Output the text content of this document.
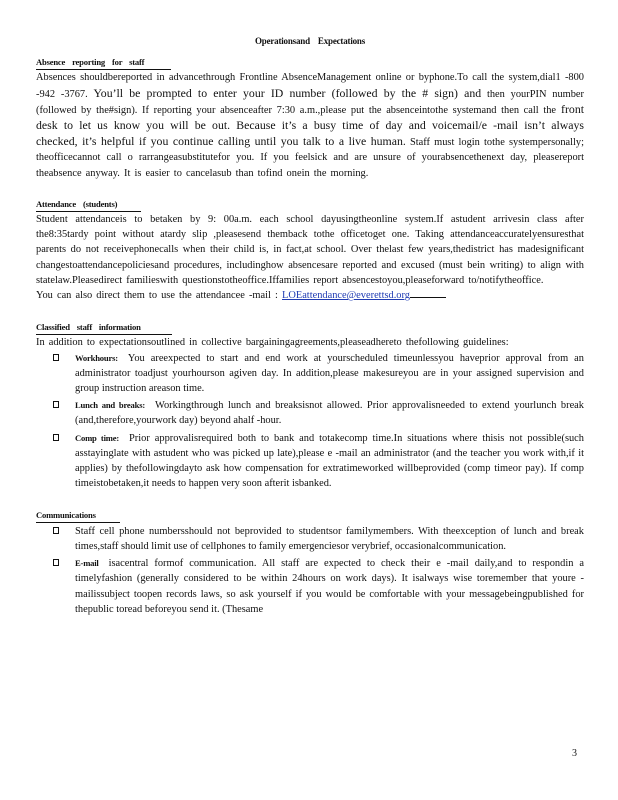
Operationsand Expectations

Absence reporting for staff

Absences shouldbereported in advancethrough Frontline AbsenceManagement online or byphone.To call the system,dial1 -800 -942 -3767. You’ll be prompted to enter your ID number (followed by the # sign) and then yourPIN number (followed by the#sign). If reporting your absenceafter 7:30 a.m.,please put the absenceintothe systemand then call the front desk to let us know you will be out. Because it’s a busy time of day and voicemail/e -mail isn’t always checked, it’s helpful if you continue calling until you talk to a live human. Staff must login tothe systempersonally; theofficecannot call o rarrangeasubstitutefor you. If you feelsick and are unsure of yourabsencethenext day, pleasereport theabsence anyway. It is easier to cancelasub than tofind onein the morning.

Attendance (students)

Student attendanceis to betaken by 9: 00a.m. each school dayusingtheonline system.If astudent arrivesin class after the8:35tardy point without atardy slip ,pleasesend themback tothe officetoget one. Taking attendanceaccuratelyensuresthat parents do not receivephonecalls when their child is, in fact,at school. Over thelast few years,thedistrict has madesignificant changestoattendancepoliciesand procedures, includinghow absencesare reported and excused (must bein writing) to align with statelaw.Pleasedirect familieswith questionstotheoffice.Iffamilies report absencestoyou,pleaseforward to/notifytheoffice.
You can also direct them to use the attendancee -mail : LOEattendance@everettsd.org

Classified staff information

In addition to expectationsoutlined in collective bargainingagreements,pleaseadhereto thefollowing guidelines:

Workhours: You areexpected to start and end work at yourscheduled timeunlessyou haveprior approval from an administrator toadjust yourhourson agiven day. In addition,please makesureyou are in your assigned supervision and group instruction areason time.
Lunch and breaks: Workingthrough lunch and breaksisnot allowed. Prior approvalisneeded to extend yourlunch break (and,therefore,yourwork day) beyond ahalf -hour.
Comp time: Prior approvalisrequired both to bank and totakecomp time.In situations where thisis not possible(such asstayinglate with astudent who was picked up late),please e -mail an administrator (and the teacher you work with,if it applies) by thefollowingdayto ask how compensation for extratimeworked willbeprovided (comp timeor pay). If comp timeistobetaken,it needs to happen very soon afterit isbanked.

Communications

Staff cell phone numbersshould not beprovided to studentsor familymembers. With theexception of lunch and break times,staff should limit use of cellphones to family emergenciesor verybrief, occasionalcommunication.
E-mail isacentral formof communication. All staff are expected to check their e -mail daily,and to respondin a timelyfashion (generally considered to be within 24hours on work days). It isalways wise toremember that youre -mailissubject toopen records laws, so ask yourself if you would be comfortable with your messagebeingpublished for thepublic toread beforeyou send it. (Thesame
3
